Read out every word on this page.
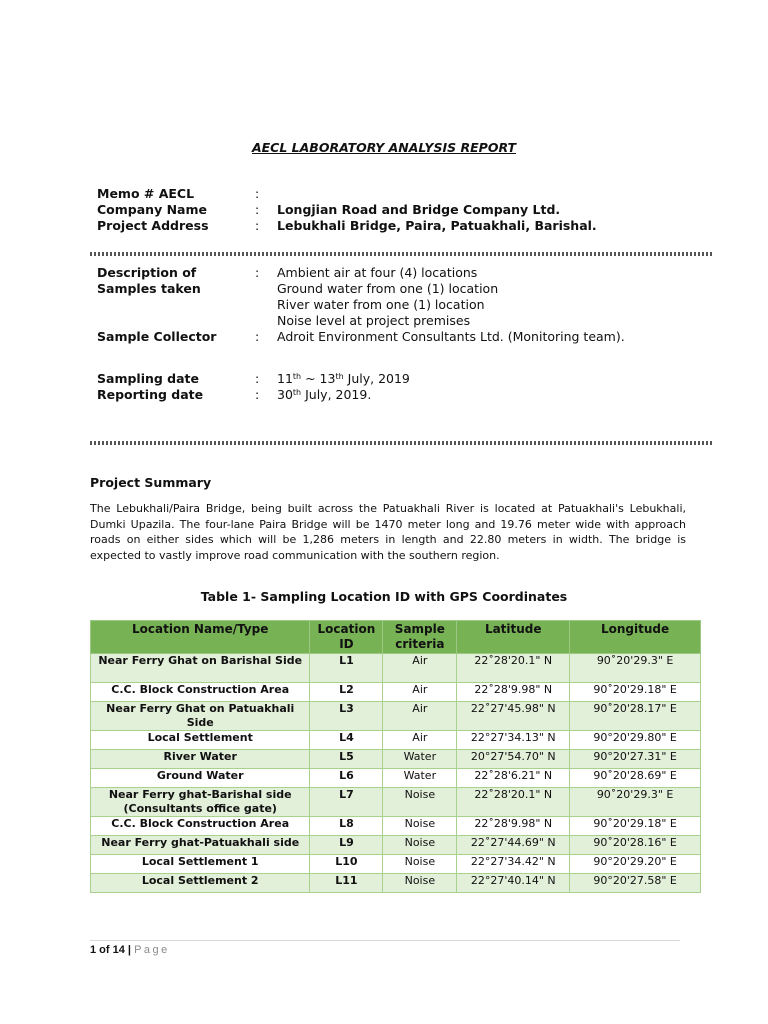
AECL LABORATORY ANALYSIS REPORT
Memo # AECL	:
Company Name	:	Longjian Road and Bridge Company Ltd.
Project Address	:	Lebukhali Bridge, Paira, Patuakhali, Barishal.
Description of	:	Ambient air at four (4) locations
Samples taken	Ground water from one (1) location
River water from one (1) location
Noise level at project premises
Sample Collector	:	Adroit Environment Consultants Ltd. (Monitoring team).
Sampling date	:	11th ~ 13th July, 2019
Reporting date	:	30th July, 2019.
Project Summary
The Lebukhali/Paira Bridge, being built across the Patuakhali River is located at Patuakhali's Lebukhali, Dumki Upazila. The four-lane Paira Bridge will be 1470 meter long and 19.76 meter wide with approach roads on either sides which will be 1,286 meters in length and 22.80 meters in width. The bridge is expected to vastly improve road communication with the southern region.
Table 1- Sampling Location ID with GPS Coordinates
Location Name/Type	Location ID	Sample criteria	Latitude	Longitude
Near Ferry Ghat on Barishal Side	L1	Air	22˚28'20.1" N	90˚20'29.3" E
C.C. Block Construction Area	L2	Air	22˚28'9.98" N	90˚20'29.18" E
Near Ferry Ghat on Patuakhali Side	L3	Air	22˚27'45.98" N	90˚20'28.17" E
Local Settlement	L4	Air	22°27'34.13" N	90°20'29.80" E
River Water	L5	Water	20°27'54.70" N	90°20'27.31" E
Ground Water	L6	Water	22˚28'6.21" N	90˚20'28.69" E
Near Ferry ghat-Barishal side (Consultants office gate)	L7	Noise	22˚28'20.1" N	90˚20'29.3" E
C.C. Block Construction Area	L8	Noise	22˚28'9.98" N	90˚20'29.18" E
Near Ferry ghat-Patuakhali side	L9	Noise	22˚27'44.69" N	90˚20'28.16" E
Local Settlement 1	L10	Noise	22°27'34.42" N	90°20'29.20" E
Local Settlement 2	L11	Noise	22°27'40.14" N	90°20'27.58" E
1 of 14 | Page
